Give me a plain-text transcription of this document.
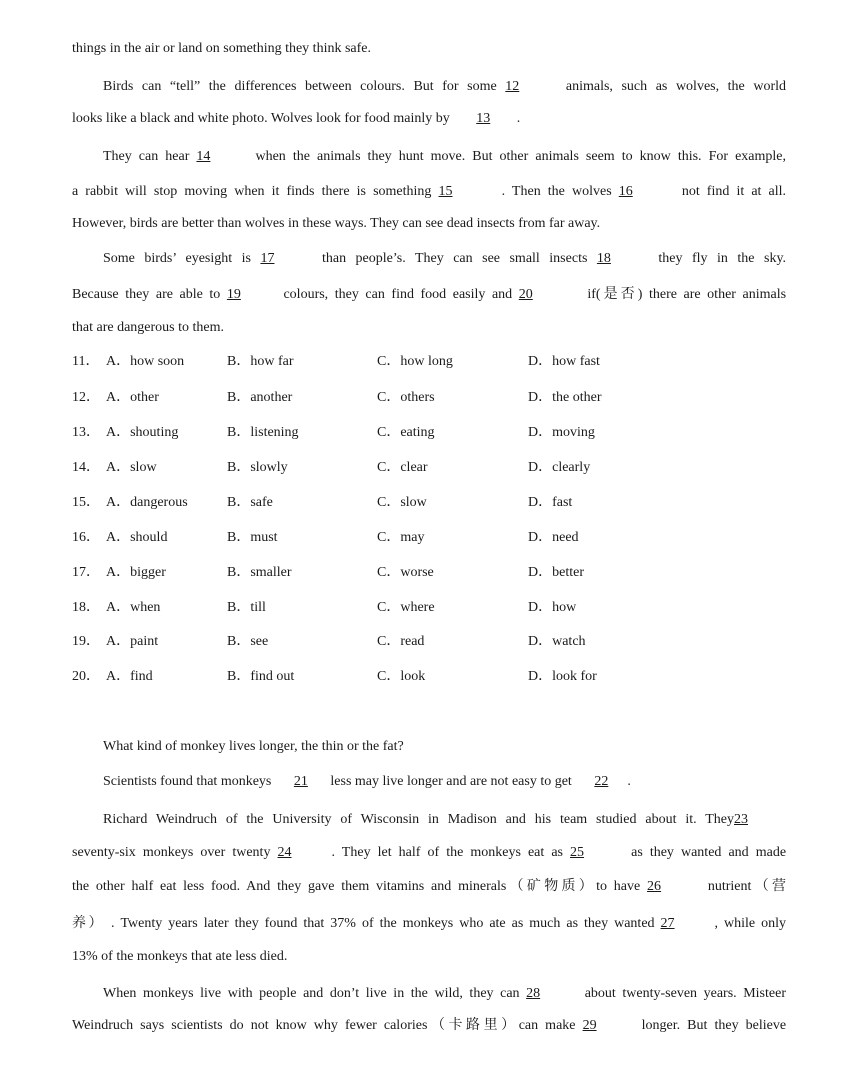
things in the air or land on something they think safe.
Birds can “tell” the differences between colours. But for some 12	animals, such as wolves, the world
looks like a black and white photo. Wolves look for food mainly by 13 .
They can hear 14	when the animals they hunt move. But other animals seem to know this. For example,
a rabbit will stop moving when it finds there is something 15	. Then the wolves 16	not find it at all.
However, birds are better than wolves in these ways. They can see dead insects from far away.
Some birds’ eyesight is 17	than people’s. They can see small insects 18	they fly in the sky.
Because they are able to 19	colours, they can find food easily and 20	if(是否) there are other animals
that are dangerous to them.
11． A．how soon	B．how far	C．how long	D．how fast
12． A．other	B．another	C．others	D．the other
13． A．shouting	B．listening	C．eating	D．moving
14． A．slow	B．slowly	C．clear	D．clearly
15． A．dangerous	B．safe	C．slow	D．fast
16． A．should	B．must	C．may	D．need
17． A．bigger	B．smaller	C．worse	D．better
18． A．when	B．till	C．where	D．how
19． A．paint	B．see	C．read	D．watch
20． A．find	B．find out	C．look	D．look for
What kind of monkey lives longer, the thin or the fat?
Scientists found that monkeys 21 less may live longer and are not easy to get 22 .
Richard Weindruch of the University of Wisconsin in Madison and his team studied about it. They23
seventy-six monkeys over twenty 24	. They let half of the monkeys eat as 25	as they wanted and made
the other half eat less food. And they gave them vitamins and minerals（矿物质）to have 26	nutrient（营
养） . Twenty years later they found that 37% of the monkeys who ate as much as they wanted 27	, while only
13% of the monkeys that ate less died.
When monkeys live with people and don’t live in the wild, they can 28	about twenty-seven years. Misteer
Weindruch says scientists do not know why fewer calories（卡路里）can make 29	longer. But they believe
